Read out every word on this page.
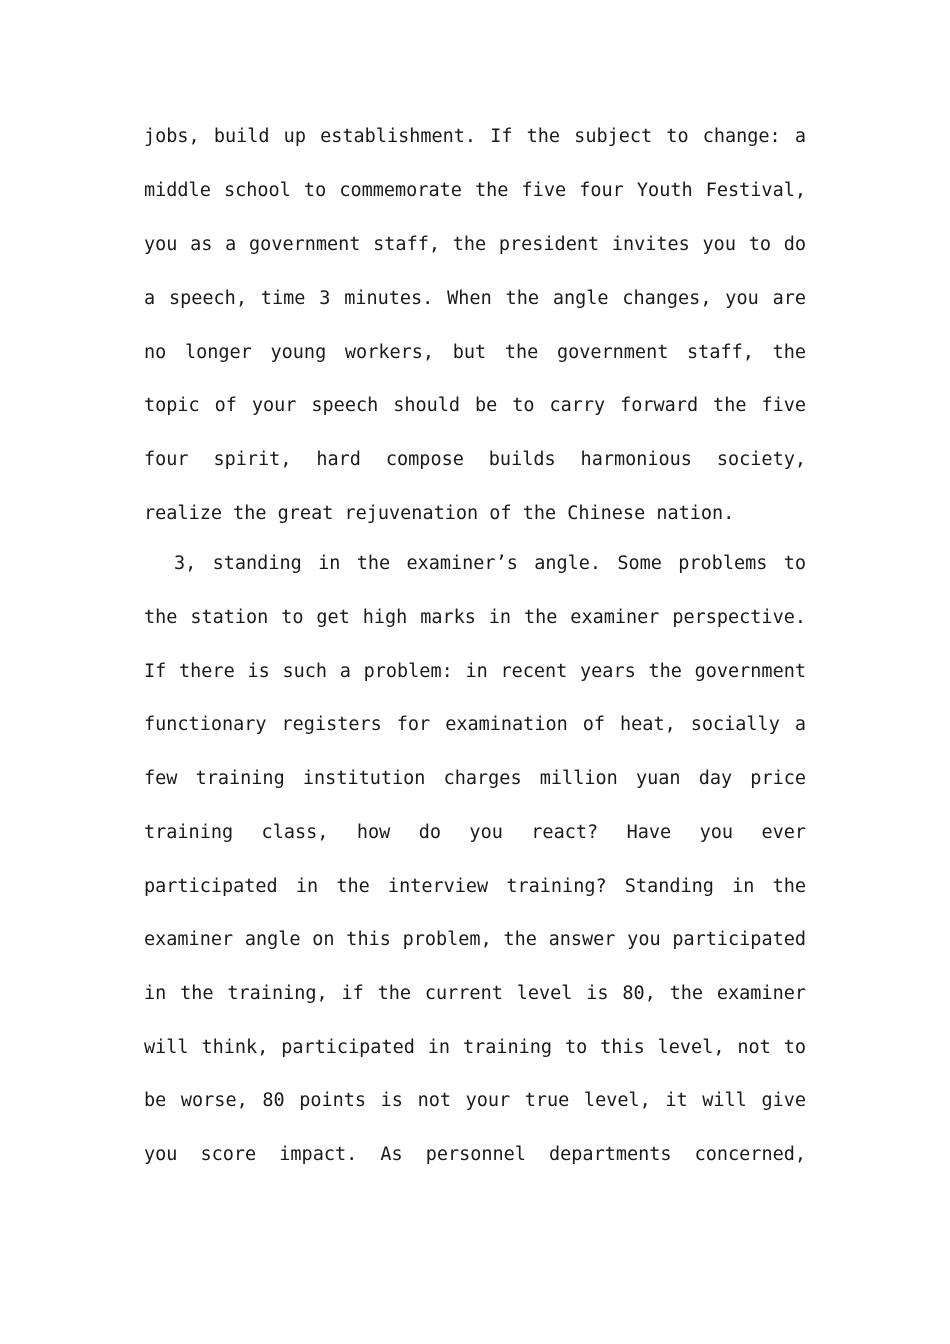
jobs, build up establishment. If the subject to change: a
middle school to commemorate the five four Youth Festival,
you as a government staff, the president invites you to do
a speech, time 3 minutes. When the angle changes, you are
no longer young workers, but the government staff, the
topic of your speech should be to carry forward the five
four spirit, hard compose builds harmonious society,
realize the great rejuvenation of the Chinese nation.
3, standing in the examiner’s angle. Some problems to
the station to get high marks in the examiner perspective.
If there is such a problem: in recent years the government
functionary registers for examination of heat, socially a
few training institution charges million yuan day price
training class, how do you react? Have you ever
participated in the interview training? Standing in the
examiner angle on this problem, the answer you participated
in the training, if the current level is 80, the examiner
will think, participated in training to this level, not to
be worse, 80 points is not your true level, it will give
you score impact. As personnel departments concerned,
